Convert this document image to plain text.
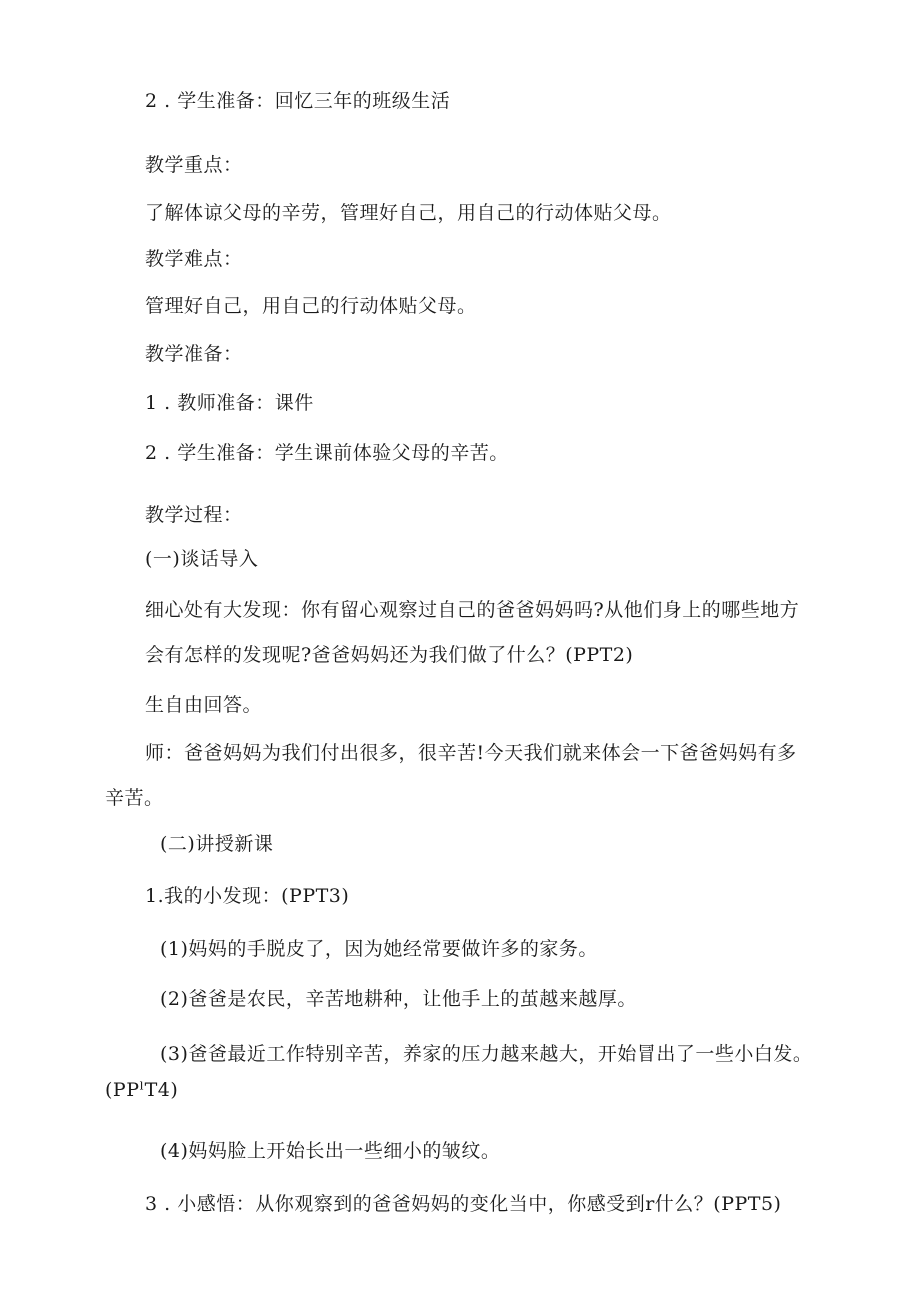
2 . 学生准备：回忆三年的班级生活
教学重点：
了解体谅父母的辛劳，管理好自己，用自己的行动体贴父母。
教学难点：
管理好自己，用自己的行动体贴父母。
教学准备：
1 . 教师准备：课件
2 . 学生准备：学生课前体验父母的辛苦。
教学过程：
(一)谈话导入
细心处有大发现：你有留心观察过自己的爸爸妈妈吗?从他们身上的哪些地方
会有怎样的发现呢?爸爸妈妈还为我们做了什么？(PPT2)
生自由回答。
师：爸爸妈妈为我们付出很多，很辛苦!今天我们就来体会一下爸爸妈妈有多
辛苦。
(二)讲授新课
1.我的小发现：(PPT3)
(1)妈妈的手脱皮了，因为她经常要做许多的家务。
(2)爸爸是农民，辛苦地耕种，让他手上的茧越来越厚。
(3)爸爸最近工作特别辛苦，养家的压力越来越大，开始冒出了一些小白发。
(PPˡT4)
(4)妈妈脸上开始长出一些细小的皱纹。
3 . 小感悟：从你观察到的爸爸妈妈的变化当中，你感受到r什么？(PPT5)
